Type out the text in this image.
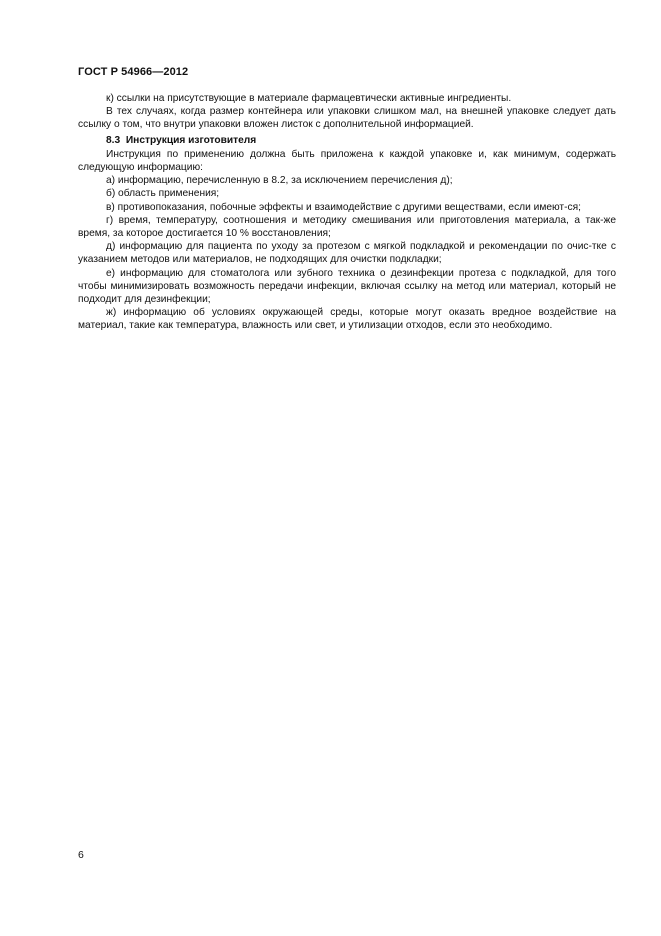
ГОСТ Р 54966—2012

к) ссылки на присутствующие в материале фармацевтически активные ингредиенты.

В тех случаях, когда размер контейнера или упаковки слишком мал, на внешней упаковке следует дать ссылку о том, что внутри упаковки вложен листок с дополнительной информацией.

8.3 Инструкция изготовителя

Инструкция по применению должна быть приложена к каждой упаковке и, как минимум, содержать следующую информацию:

а) информацию, перечисленную в 8.2, за исключением перечисления д);

б) область применения;

в) противопоказания, побочные эффекты и взаимодействие с другими веществами, если имеют-ся;

г) время, температуру, соотношения и методику смешивания или приготовления материала, а так-же время, за которое достигается 10 % восстановления;

д) информацию для пациента по уходу за протезом с мягкой подкладкой и рекомендации по очис-тке с указанием методов или материалов, не подходящих для очистки подкладки;

е) информацию для стоматолога или зубного техника о дезинфекции протеза с подкладкой, для того чтобы минимизировать возможность передачи инфекции, включая ссылку на метод или материал, который не подходит для дезинфекции;

ж) информацию об условиях окружающей среды, которые могут оказать вредное воздействие на материал, такие как температура, влажность или свет, и утилизации отходов, если это необходимо.

6
